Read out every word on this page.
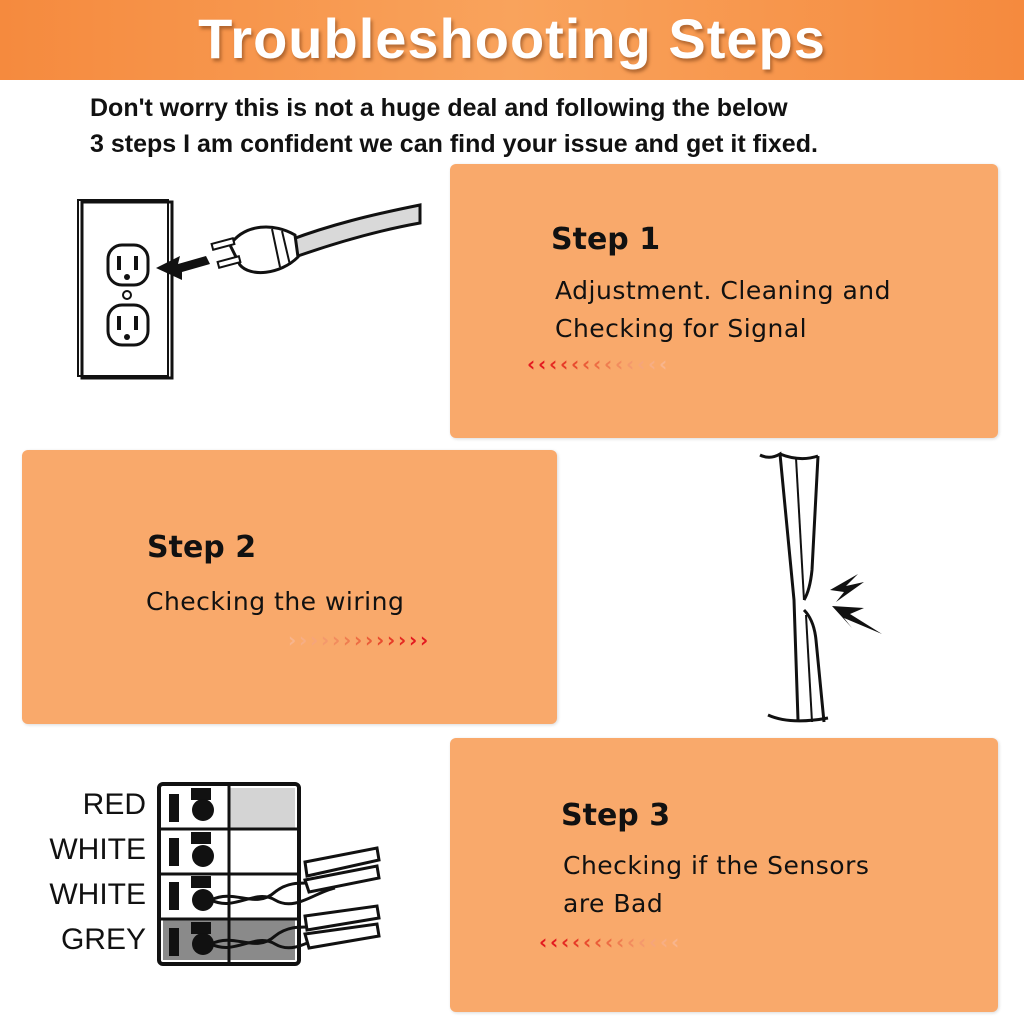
Troubleshooting Steps
Don't worry this is not a huge deal and following the below
3 steps I am confident we can find your issue and get it fixed.
Step 1
Adjustment. Cleaning and
Checking for Signal
‹ ‹ ‹ ‹ ‹ ‹ ‹ ‹ ‹ ‹ ‹ ‹ ‹
Step 2
Checking the wiring
› › › › › › › › › › › › ›
Step 3
Checking if the Sensors
are Bad
‹ ‹ ‹ ‹ ‹ ‹ ‹ ‹ ‹ ‹ ‹ ‹ ‹
RED
WHITE
WHITE
GREY
